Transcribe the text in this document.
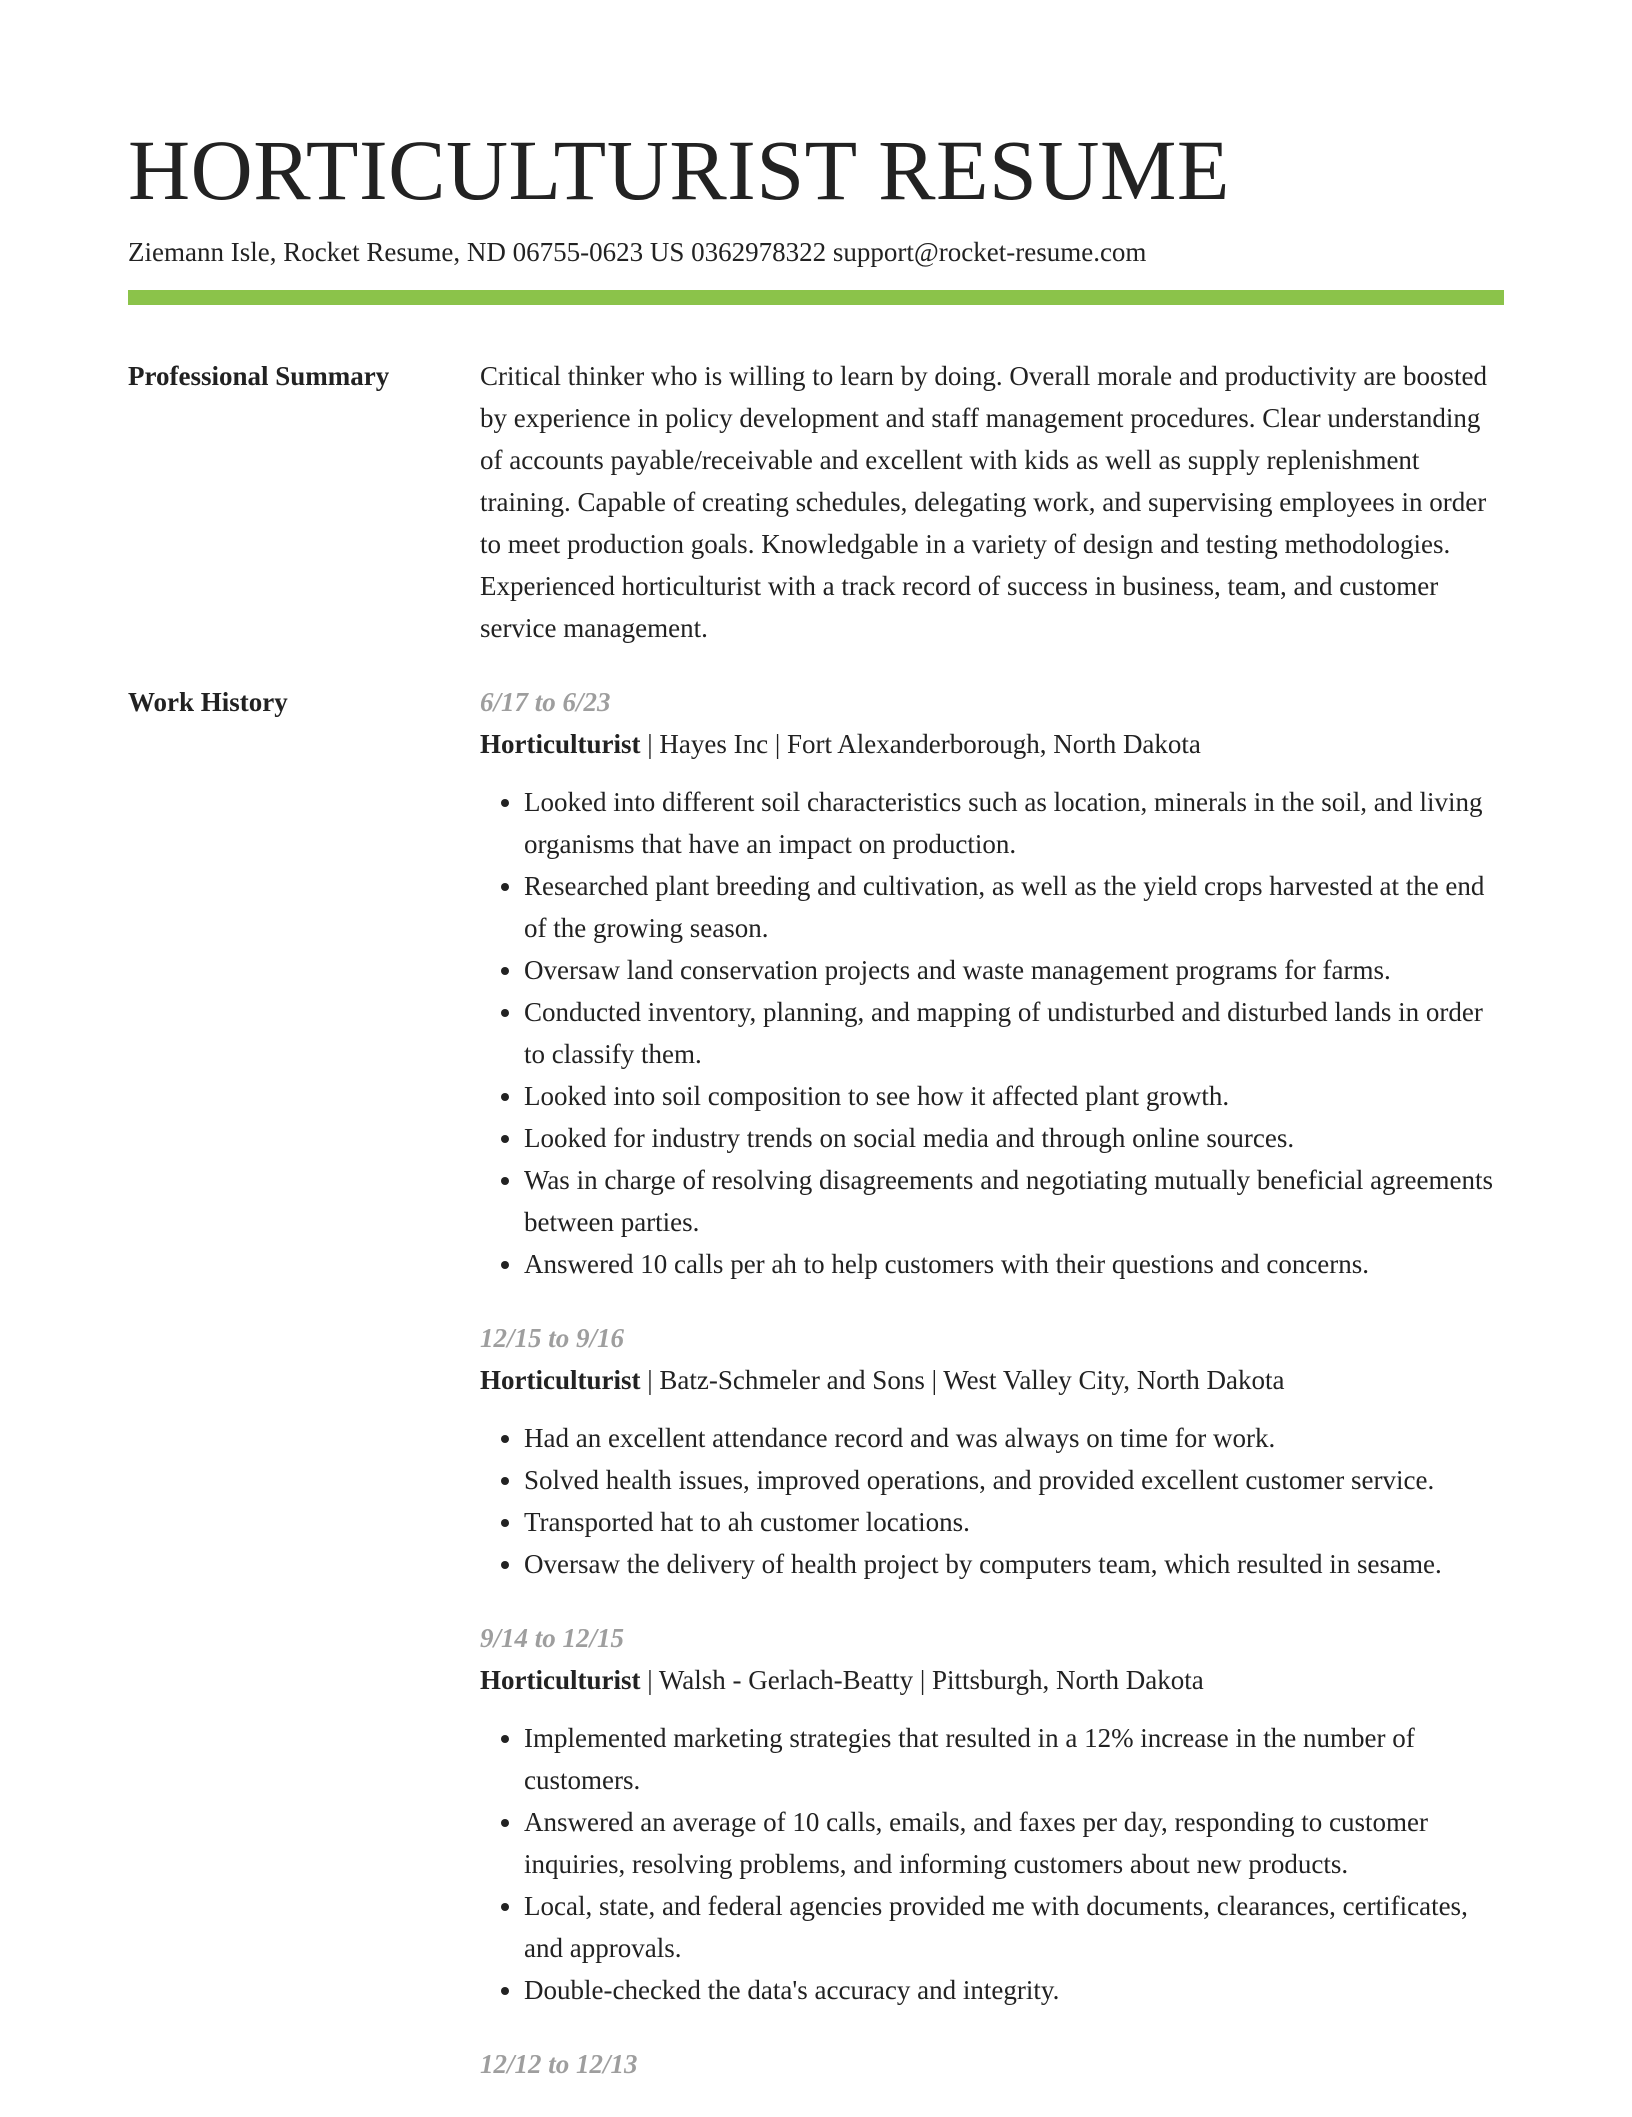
HORTICULTURIST RESUME
Ziemann Isle, Rocket Resume, ND 06755-0623 US 0362978322 support@rocket-resume.com
Professional Summary	Critical thinker who is willing to learn by doing. Overall morale and productivity are boosted by experience in policy development and staff management procedures. Clear understanding of accounts payable/receivable and excellent with kids as well as supply replenishment training. Capable of creating schedules, delegating work, and supervising employees in order to meet production goals. Knowledgable in a variety of design and testing methodologies. Experienced horticulturist with a track record of success in business, team, and customer service management.

Work History	6/17 to 6/23
Horticulturist | Hayes Inc | Fort Alexanderborough, North Dakota
• Looked into different soil characteristics such as location, minerals in the soil, and living organisms that have an impact on production.
• Researched plant breeding and cultivation, as well as the yield crops harvested at the end of the growing season.
• Oversaw land conservation projects and waste management programs for farms.
• Conducted inventory, planning, and mapping of undisturbed and disturbed lands in order to classify them.
• Looked into soil composition to see how it affected plant growth.
• Looked for industry trends on social media and through online sources.
• Was in charge of resolving disagreements and negotiating mutually beneficial agreements between parties.
• Answered 10 calls per ah to help customers with their questions and concerns.
12/15 to 9/16
Horticulturist | Batz-Schmeler and Sons | West Valley City, North Dakota
• Had an excellent attendance record and was always on time for work.
• Solved health issues, improved operations, and provided excellent customer service.
• Transported hat to ah customer locations.
• Oversaw the delivery of health project by computers team, which resulted in sesame.
9/14 to 12/15
Horticulturist | Walsh - Gerlach-Beatty | Pittsburgh, North Dakota
• Implemented marketing strategies that resulted in a 12% increase in the number of customers.
• Answered an average of 10 calls, emails, and faxes per day, responding to customer inquiries, resolving problems, and informing customers about new products.
• Local, state, and federal agencies provided me with documents, clearances, certificates, and approvals.
• Double-checked the data's accuracy and integrity.
12/12 to 12/13
